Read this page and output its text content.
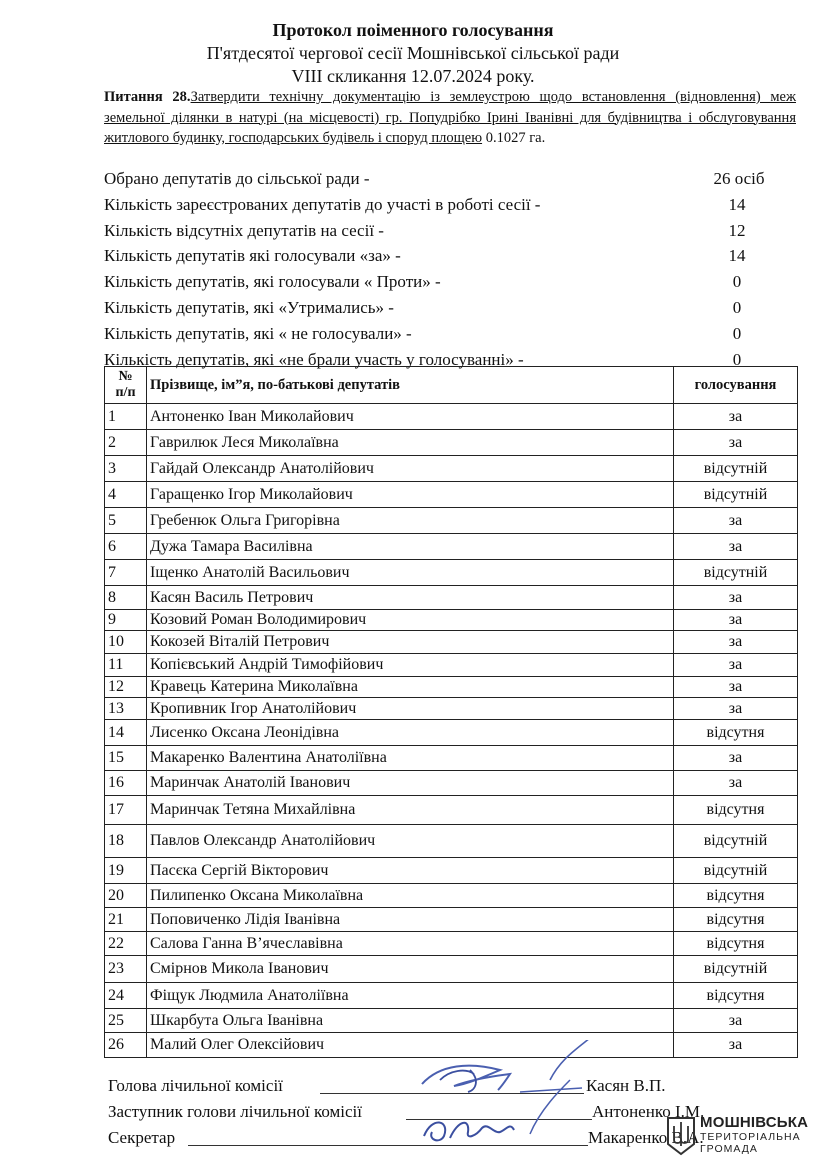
Протокол поіменного голосування
П'ятдесятої чергової сесії Мошнівської сільської ради
VIII скликання 12.07.2024 року.
Питання 28.Затвердити технічну документацію із землеустрою щодо встановлення (відновлення) меж земельної ділянки в натурі (на місцевості) гр. Попудрібко Ірині Іванівні для будівництва і обслуговування житлового будинку, господарських будівель і споруд площею 0.1027 га.
Обрано депутатів до сільської ради -	26 осіб
Кількість зареєстрованих депутатів до участі в роботі сесії -	14
Кількість відсутніх депутатів на сесії -	12
Кількість депутатів які голосували «за» -	14
Кількість депутатів, які голосували « Проти» -	0
Кількість депутатів, які «Утримались» -	0
Кількість депутатів, які « не голосували» -	0
Кількість депутатів, які «не брали участь у голосуванні» -	0
№
п/п	Прізвище, ім”я, по-батькові депутатів	голосування
1	Антоненко Іван Миколайович	за
2	Гаврилюк Леся Миколаївна	за
3	Гайдай Олександр Анатолійович	відсутній
4	Гаращенко Ігор Миколайович	відсутній
5	Гребенюк Ольга Григорівна	за
6	Дужа Тамара Василівна	за
7	Іщенко Анатолій Васильович	відсутній
8	Касян Василь Петрович	за
9	Козовий Роман Володимирович	за
10	Кокозей Віталій Петрович	за
11	Копієвський Андрій Тимофійович	за
12	Кравець Катерина Миколаївна	за
13	Кропивник Ігор Анатолійович	за
14	Лисенко Оксана Леонідівна	відсутня
15	Макаренко Валентина Анатоліївна	за
16	Маринчак Анатолій Іванович	за
17	Маринчак Тетяна Михайлівна	відсутня
18	Павлов Олександр Анатолійович	відсутній
19	Пасєка Сергій Вікторович	відсутній
20	Пилипенко Оксана Миколаївна	відсутня
21	Поповиченко Лідія Іванівна	відсутня
22	Салова Ганна В’ячеславівна	відсутня
23	Смірнов Микола Іванович	відсутній
24	Фіщук Людмила Анатоліївна	відсутня
25	Шкарбута Ольга Іванівна	за
26	Малий Олег Олексійович	за
Голова лічильної комісії	Касян В.П.
Заступник голови лічильної комісії	Антоненко І.М.
Секретар	Макаренко В.А.
МОШНІВСЬКА
ТЕРИТОРІАЛЬНА
ГРОМАДА
